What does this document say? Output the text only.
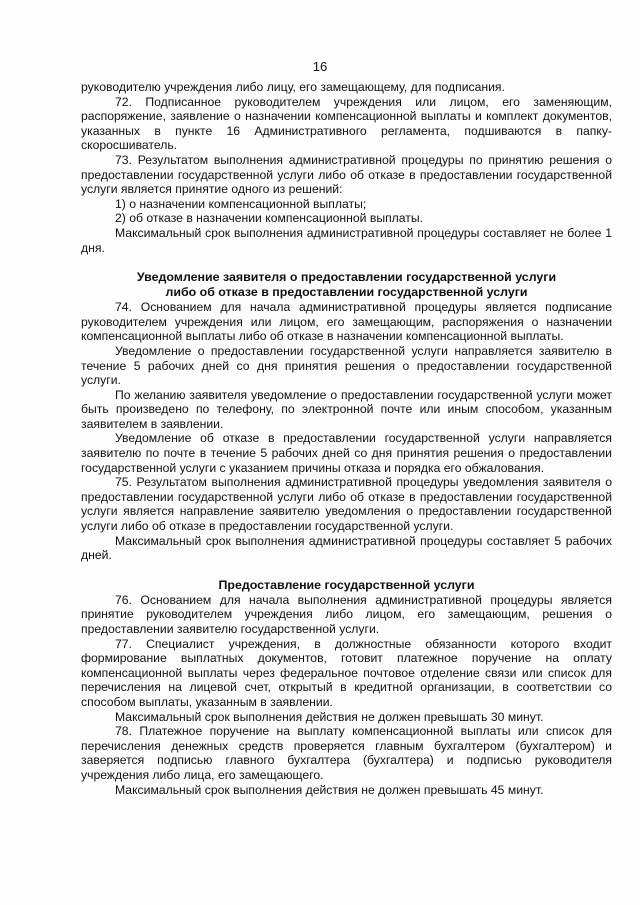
16

руководителю учреждения либо лицу, его замещающему, для подписания.

72. Подписанное руководителем учреждения или лицом, его заменяющим, распоряжение, заявление о назначении компенсационной выплаты и комплект документов, указанных в пункте 16 Административного регламента, подшиваются в папку-скоросшиватель.

73. Результатом выполнения административной процедуры по принятию решения о предоставлении государственной услуги либо об отказе в предоставлении государственной услуги является принятие одного из решений:

1) о назначении компенсационной выплаты;

2) об отказе в назначении компенсационной выплаты.

Максимальный срок выполнения административной процедуры составляет не более 1 дня.

Уведомление заявителя о предоставлении государственной услуги

либо об отказе в предоставлении государственной услуги

74. Основанием для начала административной процедуры является подписание руководителем учреждения или лицом, его замещающим, распоряжения о назначении компенсационной выплаты либо об отказе в назначении компенсационной выплаты.

Уведомление о предоставлении государственной услуги направляется заявителю в течение 5 рабочих дней со дня принятия решения о предоставлении государственной услуги.

По желанию заявителя уведомление о предоставлении государственной услуги может быть произведено по телефону, по электронной почте или иным способом, указанным заявителем в заявлении.

Уведомление об отказе в предоставлении государственной услуги направляется заявителю по почте в течение 5 рабочих дней со дня принятия решения о предоставлении государственной услуги с указанием причины отказа и порядка его обжалования.

75. Результатом выполнения административной процедуры уведомления заявителя о предоставлении государственной услуги либо об отказе в предоставлении государственной услуги является направление заявителю уведомления о предоставлении государственной услуги либо об отказе в предоставлении государственной услуги.

Максимальный срок выполнения административной процедуры составляет 5 рабочих дней.

Предоставление государственной услуги

76. Основанием для начала выполнения административной процедуры является принятие руководителем учреждения либо лицом, его замещающим, решения о предоставлении заявителю государственной услуги.

77. Специалист учреждения, в должностные обязанности которого входит формирование выплатных документов, готовит платежное поручение на оплату компенсационной выплаты через федеральное почтовое отделение связи или список для перечисления на лицевой счет, открытый в кредитной организации, в соответствии со способом выплаты, указанным в заявлении.

Максимальный срок выполнения действия не должен превышать 30 минут.

78. Платежное поручение на выплату компенсационной выплаты или список для перечисления денежных средств проверяется главным бухгалтером (бухгалтером) и заверяется подписью главного бухгалтера (бухгалтера) и подписью руководителя учреждения либо лица, его замещающего.

Максимальный срок выполнения действия не должен превышать 45 минут.
